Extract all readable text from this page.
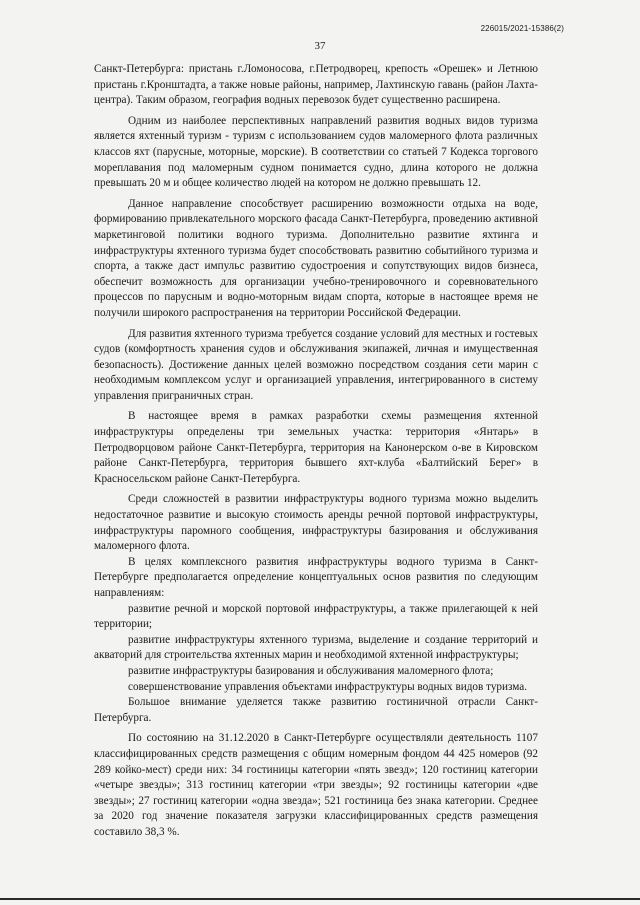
226015/2021-15386(2)
37

Санкт-Петербурга: пристань г.Ломоносова, г.Петродворец, крепость «Орешек» и Летнюю пристань г.Кронштадта, а также новые районы, например, Лахтинскую гавань (район Лахта-центра). Таким образом, география водных перевозок будет существенно расширена.

Одним из наиболее перспективных направлений развития водных видов туризма является яхтенный туризм - туризм с использованием судов маломерного флота различных классов яхт (парусные, моторные, морские). В соответствии со статьей 7 Кодекса торгового мореплавания под маломерным судном понимается судно, длина которого не должна превышать 20 м и общее количество людей на котором не должно превышать 12.

Данное направление способствует расширению возможности отдыха на воде, формированию привлекательного морского фасада Санкт-Петербурга, проведению активной маркетинговой политики водного туризма. Дополнительно развитие яхтинга и инфраструктуры яхтенного туризма будет способствовать развитию событийного туризма и спорта, а также даст импульс развитию судостроения и сопутствующих видов бизнеса, обеспечит возможность для организации учебно-тренировочного и соревновательного процессов по парусным и водно-моторным видам спорта, которые в настоящее время не получили широкого распространения на территории Российской Федерации.

Для развития яхтенного туризма требуется создание условий для местных и гостевых судов (комфортность хранения судов и обслуживания экипажей, личная и имущественная безопасность). Достижение данных целей возможно посредством создания сети марин с необходимым комплексом услуг и организацией управления, интегрированного в систему управления приграничных стран.

В настоящее время в рамках разработки схемы размещения яхтенной инфраструктуры определены три земельных участка: территория «Янтарь» в Петродворцовом районе Санкт-Петербурга, территория на Канонерском о-ве в Кировском районе Санкт-Петербурга, территория бывшего яхт-клуба «Балтийский Берег» в Красносельском районе Санкт-Петербурга.

Среди сложностей в развитии инфраструктуры водного туризма можно выделить недостаточное развитие и высокую стоимость аренды речной портовой инфраструктуры, инфраструктуры паромного сообщения, инфраструктуры базирования и обслуживания маломерного флота.

В целях комплексного развития инфраструктуры водного туризма в Санкт-Петербурге предполагается определение концептуальных основ развития по следующим направлениям:

развитие речной и морской портовой инфраструктуры, а также прилегающей к ней территории;

развитие инфраструктуры яхтенного туризма, выделение и создание территорий и акваторий для строительства яхтенных марин и необходимой яхтенной инфраструктуры;

развитие инфраструктуры базирования и обслуживания маломерного флота;

совершенствование управления объектами инфраструктуры водных видов туризма.

Большое внимание уделяется также развитию гостиничной отрасли Санкт-Петербурга.

По состоянию на 31.12.2020 в Санкт-Петербурге осуществляли деятельность 1107 классифицированных средств размещения с общим номерным фондом 44 425 номеров (92 289 койко-мест) среди них: 34 гостиницы категории «пять звезд»; 120 гостиниц категории «четыре звезды»; 313 гостиниц категории «три звезды»; 92 гостиницы категории «две звезды»; 27 гостиниц категории «одна звезда»; 521 гостиница без знака категории. Среднее за 2020 год значение показателя загрузки классифицированных средств размещения составило 38,3 %.
